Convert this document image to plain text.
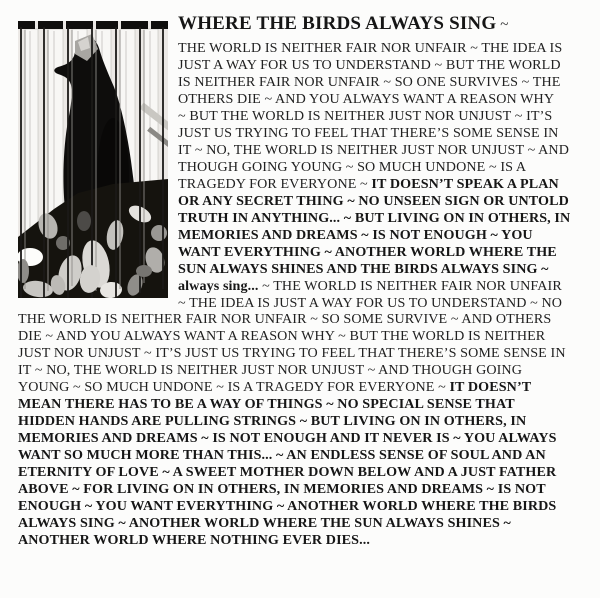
WHERE THE BIRDS ALWAYS SING ~
THE WORLD IS NEITHER FAIR NOR UNFAIR ~ THE IDEA IS
JUST A WAY FOR US TO UNDERSTAND ~ BUT THE WORLD
IS NEITHER FAIR NOR UNFAIR ~ SO ONE SURVIVES ~ THE
OTHERS DIE ~ AND YOU ALWAYS WANT A REASON WHY
~ BUT THE WORLD IS NEITHER JUST NOR UNJUST ~ IT’S
JUST US TRYING TO FEEL THAT THERE’S SOME SENSE IN
IT ~ NO, THE WORLD IS NEITHER JUST NOR UNJUST ~ AND
THOUGH GOING YOUNG ~ SO MUCH UNDONE ~ IS A
TRAGEDY FOR EVERYONE ~ IT DOESN’T SPEAK A PLAN
OR ANY SECRET THING ~ NO UNSEEN SIGN OR UNTOLD
TRUTH IN ANYTHING... ~ BUT LIVING ON IN OTHERS, IN
MEMORIES AND DREAMS ~ IS NOT ENOUGH ~ YOU
WANT EVERYTHING ~ ANOTHER WORLD WHERE THE
SUN ALWAYS SHINES AND THE BIRDS ALWAYS SING ~
always sing... ~ THE WORLD IS NEITHER FAIR NOR UNFAIR
~ THE IDEA IS JUST A WAY FOR US TO UNDERSTAND ~ NO
THE WORLD IS NEITHER FAIR NOR UNFAIR ~ SO SOME SURVIVE ~ AND OTHERS
DIE ~ AND YOU ALWAYS WANT A REASON WHY ~ BUT THE WORLD IS NEITHER
JUST NOR UNJUST ~ IT’S JUST US TRYING TO FEEL THAT THERE’S SOME SENSE IN
IT ~ NO, THE WORLD IS NEITHER JUST NOR UNJUST ~ AND THOUGH GOING
YOUNG ~ SO MUCH UNDONE ~ IS A TRAGEDY FOR EVERYONE ~ IT DOESN’T
MEAN THERE HAS TO BE A WAY OF THINGS ~ NO SPECIAL SENSE THAT
HIDDEN HANDS ARE PULLING STRINGS ~ BUT LIVING ON IN OTHERS, IN
MEMORIES AND DREAMS ~ IS NOT ENOUGH AND IT NEVER IS ~ YOU ALWAYS
WANT SO MUCH MORE THAN THIS... ~ AN ENDLESS SENSE OF SOUL AND AN
ETERNITY OF LOVE ~ A SWEET MOTHER DOWN BELOW AND A JUST FATHER
ABOVE ~ FOR LIVING ON IN OTHERS, IN MEMORIES AND DREAMS ~ IS NOT
ENOUGH ~ YOU WANT EVERYTHING ~ ANOTHER WORLD WHERE THE BIRDS
ALWAYS SING ~ ANOTHER WORLD WHERE THE SUN ALWAYS SHINES ~
ANOTHER WORLD WHERE NOTHING EVER DIES...
